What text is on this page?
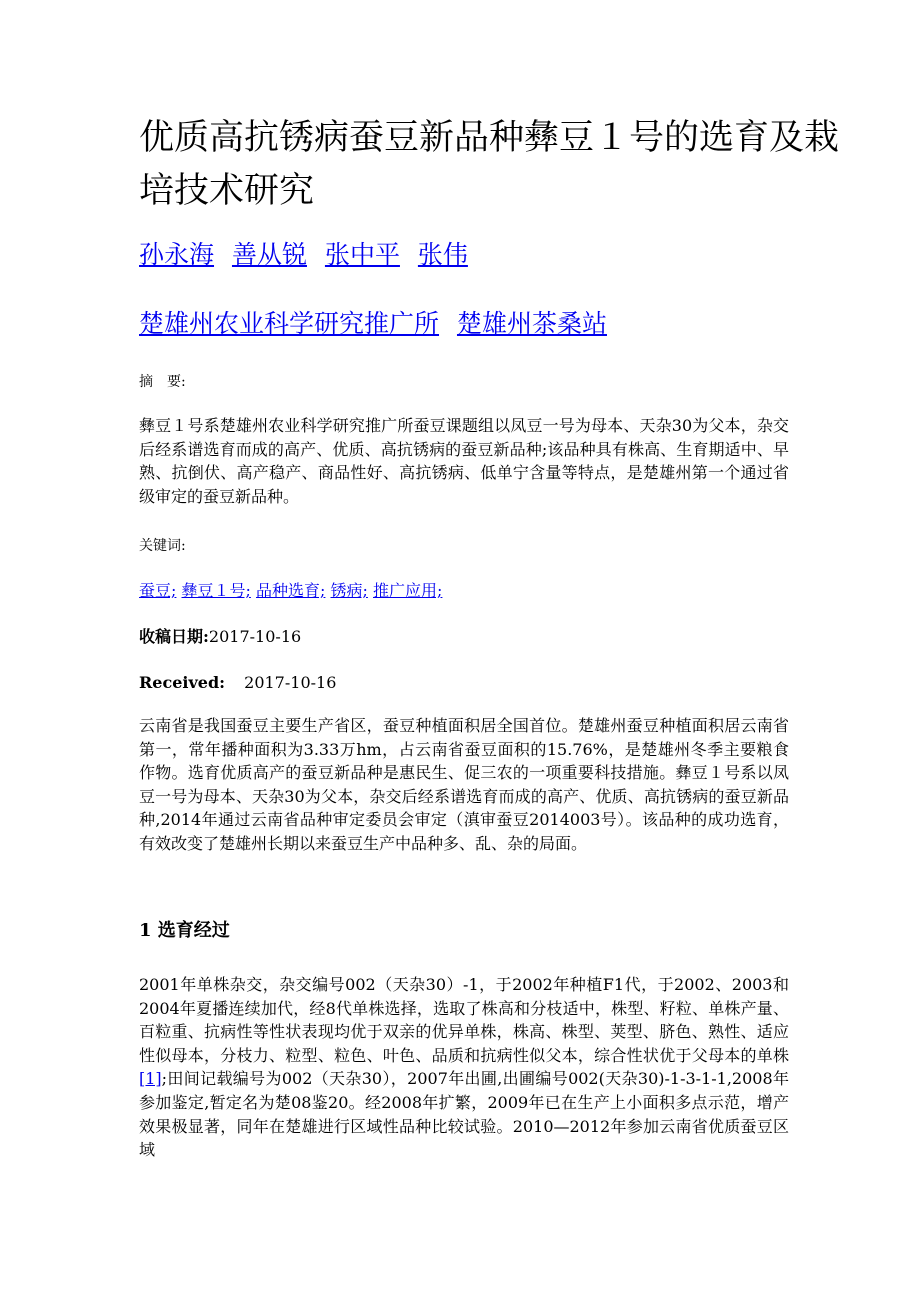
优质高抗锈病蚕豆新品种彝豆１号的选育及栽培技术研究
孙永海 善从锐 张中平 张伟
楚雄州农业科学研究推广所 楚雄州茶桑站
摘　要:

彝豆１号系楚雄州农业科学研究推广所蚕豆课题组以凤豆一号为母本、天杂30为父本，杂交后经系谱选育而成的高产、优质、高抗锈病的蚕豆新品种;该品种具有株高、生育期适中、早熟、抗倒伏、高产稳产、商品性好、高抗锈病、低单宁含量等特点，是楚雄州第一个通过省级审定的蚕豆新品种。

关键词:
蚕豆; 彝豆１号; 品种选育; 锈病; 推广应用;
收稿日期:2017-10-16
Received: 2017-10-16

云南省是我国蚕豆主要生产省区，蚕豆种植面积居全国首位。楚雄州蚕豆种植面积居云南省第一，常年播种面积为3.33万hm，占云南省蚕豆面积的15.76%，是楚雄州冬季主要粮食作物。选育优质高产的蚕豆新品种是惠民生、促三农的一项重要科技措施。彝豆１号系以凤豆一号为母本、天杂30为父本，杂交后经系谱选育而成的高产、优质、高抗锈病的蚕豆新品种,2014年通过云南省品种审定委员会审定（滇审蚕豆2014003号）。该品种的成功选育，有效改变了楚雄州长期以来蚕豆生产中品种多、乱、杂的局面。

1 选育经过

2001年单株杂交，杂交编号002（天杂30）-1，于2002年种植F1代，于2002、2003和2004年夏播连续加代，经8代单株选择，选取了株高和分枝适中，株型、籽粒、单株产量、百粒重、抗病性等性状表现均优于双亲的优异单株，株高、株型、荚型、脐色、熟性、适应性似母本，分枝力、粒型、粒色、叶色、品质和抗病性似父本，综合性状优于父母本的单株[1];田间记载编号为002（天杂30），2007年出圃,出圃编号002(天杂30)-1-3-1-1,2008年参加鉴定,暂定名为楚08鉴20。经2008年扩繁，2009年已在生产上小面积多点示范，增产效果极显著，同年在楚雄进行区域性品种比较试验。2010—2012年参加云南省优质蚕豆区域
